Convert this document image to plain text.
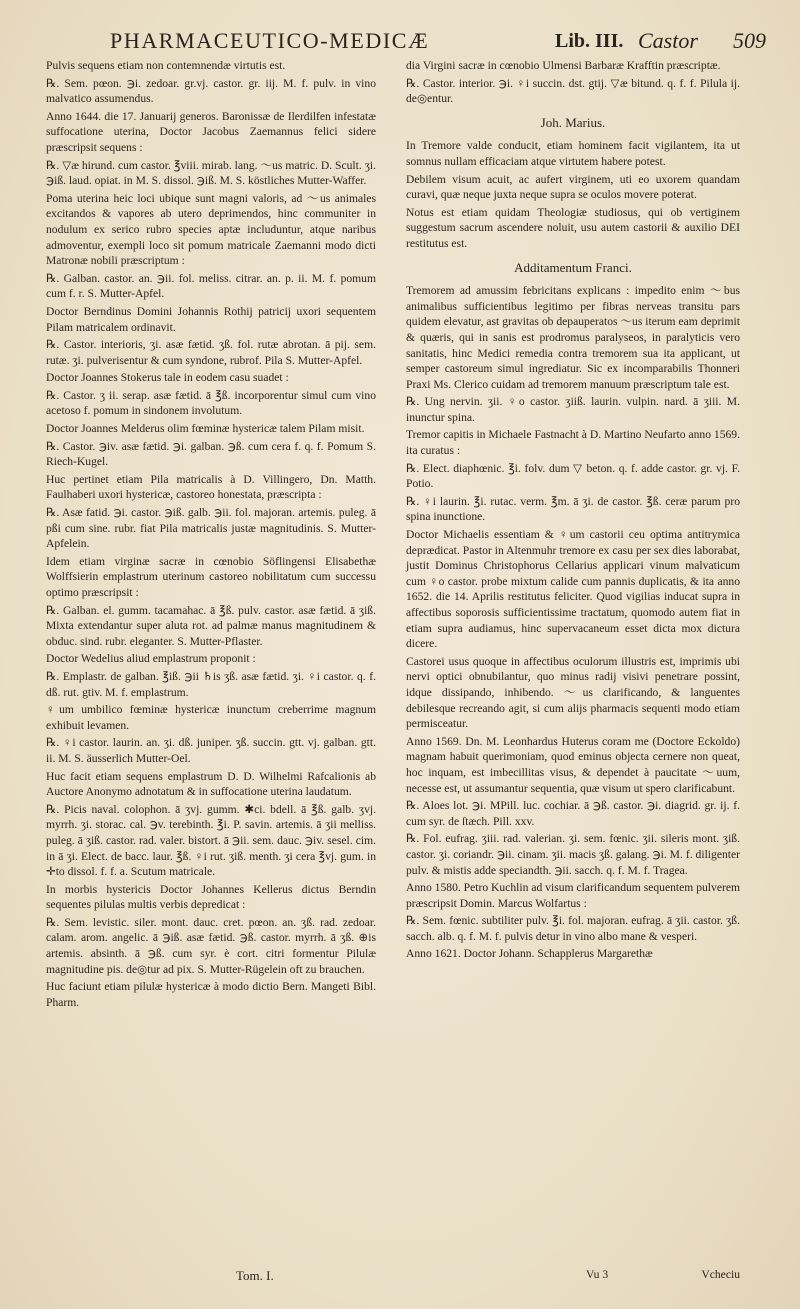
PHARMACEUTICO-MEDICÆ	Lib. III. Castor 509

Pulvis sequens etiam non contemnendæ virtutis est.

℞. Sem. pœon. ℈i. zedoar. gr.vj. castor. gr. iij. M. f. pulv. in vino malvatico assumendus.

Anno 1644. die 17. Januarij generos. Baronissæ de Ilerdilfen infestatæ suffocatione uterina, Doctor Jacobus Zaemannus felici sidere præscripsit sequens :

℞. ▽æ hirund. cum castor. ℥viii. mirab. lang. ～us matric. D. Scult. ʒi. ℈iß. laud. opiat. in M. S. dissol. ℈iß. M. S. köstliches Mutter-Waffer.

Poma uterina heic loci ubique sunt magni valoris, ad ～us animales excitandos & vapores ab utero deprimendos, hinc communiter in nodulum ex serico rubro species aptæ includuntur, atque naribus admoventur, exempli loco sit pomum matricale Zaemanni modo dicti Matronæ nobili præscriptum :

℞. Galban. castor. an. ℈ii. fol. meliss. citrar. an. p. ii. M. f. pomum cum f. r. S. Mutter-Apfel.

Doctor Berndinus Domini Johannis Rothij patricij uxori sequentem Pilam matricalem ordinavit.

℞. Castor. interioris, ʒi. asæ fætid. ʒß. fol. rutæ abrotan. ā pij. sem. rutæ. ʒi. pulverisentur & cum syndone, rubrof. Pila S. Mutter-Apfel.

Doctor Joannes Stokerus tale in eodem casu suadet :

℞. Castor. ʒ ii. serap. asæ fætid. ā ℥ß. incorporentur simul cum vino acetoso f. pomum in sindonem involutum.

Doctor Joannes Melderus olim fœminæ hystericæ talem Pilam misit.

℞. Castor. ℈iv. asæ fætid. ℈i. galban. ℈ß. cum cera f. q. f. Pomum S. Riech-Kugel.

Huc pertinet etiam Pila matricalis à D. Villingero, Dn. Matth. Faulhaberi uxori hystericæ, castoreo honestata, præscripta :

℞. Asæ fatid. ℈i. castor. ℈iß. galb. ℈ii. fol. majoran. artemis. puleg. ā pßi cum sine. rubr. fiat Pila matricalis justæ magnitudinis. S. Mutter-Apfelein.

Idem etiam virginæ sacræ in cœnobio Söflingensi Elisabethæ Wolffsierin emplastrum uterinum castoreo nobilitatum cum successu optimo præscripsit :

℞. Galban. el. gumm. tacamahac. ā ℥ß. pulv. castor. asæ fætid. ā ʒiß. Mixta extendantur super aluta rot. ad palmæ manus magnitudinem & obduc. sind. rubr. eleganter. S. Mutter-Pflaster.

Doctor Wedelius aliud emplastrum proponit :

℞. Emplastr. de galban. ℥iß. ℈ii ♄is ʒß. asæ fætid. ʒi. ♀i castor. q. f. dß. rut. gtiv. M. f. emplastrum.

♀um umbilico fœminæ hystericæ inunctum creberrime magnum exhibuit levamen.

℞. ♀i castor. laurin. an. ʒi. dß. juniper. ʒß. succin. gtt. vj. galban. gtt. ii. M. S. äusserlich Mutter-Oel.

Huc facit etiam sequens emplastrum D. D. Wilhelmi Rafcalionis ab Auctore Anonymo adnotatum & in suffocatione uterina laudatum.

℞. Picis naval. colophon. ā ʒvj. gumm. ✱ci. bdell. ā ℥ß. galb. ʒvj. myrrh. ʒi. storac. cal. ℈v. terebinth. ℥i. P. savin. artemis. ā ʒii melliss. puleg. ā ʒiß. castor. rad. valer. bistort. ā ℈ii. sem. dauc. ℈iv. sesel. cim. in ā ʒi. Elect. de bacc. laur. ℥ß. ♀i rut. ʒiß. menth. ʒi cera ℥vj. gum. in ✛to dissol. f. f. a. Scutum matricale.

In morbis hystericis Doctor Johannes Kellerus dictus Berndin sequentes pilulas multis verbis depredicat :

℞. Sem. levistic. siler. mont. dauc. cret. pœon. an. ʒß. rad. zedoar. calam. arom. angelic. ā ℈iß. asæ fætid. ℈ß. castor. myrrh. ā ʒß. ⊕is artemis. absinth. ā ℈ß. cum syr. è cort. citri formentur Pilulæ magnitudine pis. de◎tur ad pix. S. Mutter-Rügelein oft zu brauchen.

Huc faciunt etiam pilulæ hystericæ à modo dictio Bern. Mangeti Bibl. Pharm.

dia Virgini sacræ in cœnobio Ulmensi Barbaræ Krafftin præscriptæ.

℞. Castor. interior. ℈i. ♀i succin. dst. gtij. ▽æ bitund. q. f. f. Pilula ij. de◎entur.

Joh. Marius.

In Tremore valde conducit, etiam hominem facit vigilantem, ita ut somnus nullam efficaciam atque virtutem habere potest.

Debilem visum acuit, ac aufert virginem, uti eo uxorem quandam curavi, quæ neque juxta neque supra se oculos movere poterat.

Notus est etiam quidam Theologiæ studiosus, qui ob vertiginem suggestum sacrum ascendere noluit, usu autem castorii & auxilio DEI restitutus est.

Additamentum Franci.

Tremorem ad amussim febricitans explicans : impedito enim ～bus animalibus sufficientibus legitimo per fibras nerveas transitu pars quidem elevatur, ast gravitas ob depauperatos ～us iterum eam deprimit & quæris, qui in sanis est prodromus paralyseos, in paralyticis vero sanitatis, hinc Medici remedia contra tremorem sua ita applicant, ut semper castoreum simul ingrediatur. Sic ex incomparabilis Thonneri Praxi Ms. Clerico cuidam ad tremorem manuum præscriptum tale est.

℞. Ung nervin. ʒii. ♀o castor. ʒiiß. laurin. vulpin. nard. ā ʒiii. M. inunctur spina.

Tremor capitis in Michaele Fastnacht à D. Martino Neufarto anno 1569. ita curatus :

℞. Elect. diaphœnic. ℥i. folv. dum ▽ beton. q. f. adde castor. gr. vj. F. Potio.

℞. ♀i laurin. ℥i. rutac. verm. ℥m. ā ʒi. de castor. ℥ß. ceræ parum pro spina inunctione.

Doctor Michaelis essentiam & ♀um castorii ceu optima antitrymica deprædicat. Pastor in Altenmuhr tremore ex casu per sex dies laborabat, justit Dominus Christophorus Cellarius applicari vinum malvaticum cum ♀o castor. probe mixtum calide cum pannis duplicatis, & ita anno 1652. die 14. Aprilis restitutus feliciter. Quod vigilias inducat supra in affectibus soporosis sufficientissime tractatum, quomodo autem fiat in etiam supra audiamus, hinc supervacaneum esset dicta mox dictura dicere.

Castorei usus quoque in affectibus oculorum illustris est, imprimis ubi nervi optici obnubilantur, quo minus radij visivi penetrare possint, idque dissipando, inhibendo. ～us clarificando, & languentes debilesque recreando agit, si cum alijs pharmacis sequenti modo etiam permisceatur.

Anno 1569. Dn. M. Leonhardus Huterus coram me (Doctore Eckoldo) magnam habuit querimoniam, quod eminus objecta cernere non queat, hoc inquam, est imbecillitas visus, & dependet à paucitate ～uum, necesse est, ut assumantur sequentia, quæ visum ut spero clarificabunt.

℞. Aloes lot. ℈i. MPill. luc. cochiar. ā ℈ß. castor. ℈i. diagrid. gr. ij. f. cum syr. de ſtæch. Pill. xxv.

℞. Fol. eufrag. ʒiii. rad. valerian. ʒi. sem. fœnic. ʒii. sileris mont. ʒiß. castor. ʒi. coriandr. ℈ii. cinam. ʒii. macis ʒß. galang. ℈i. M. f. diligenter pulv. & mistis adde speciandth. ℈ii. sacch. q. f. M. f. Tragea.

Anno 1580. Petro Kuchlin ad visum clarificandum sequentem pulverem præscripsit Domin. Marcus Wolfartus :

℞. Sem. fœnic. subtiliter pulv. ℥i. fol. majoran. eufrag. ā ʒii. castor. ʒß. sacch. alb. q. f. M. f. pulvis detur in vino albo mane & vesperi.

Anno 1621. Doctor Johann. Schapplerus Margarethæ

Tom. I.	Vu 3	Vcheciu
